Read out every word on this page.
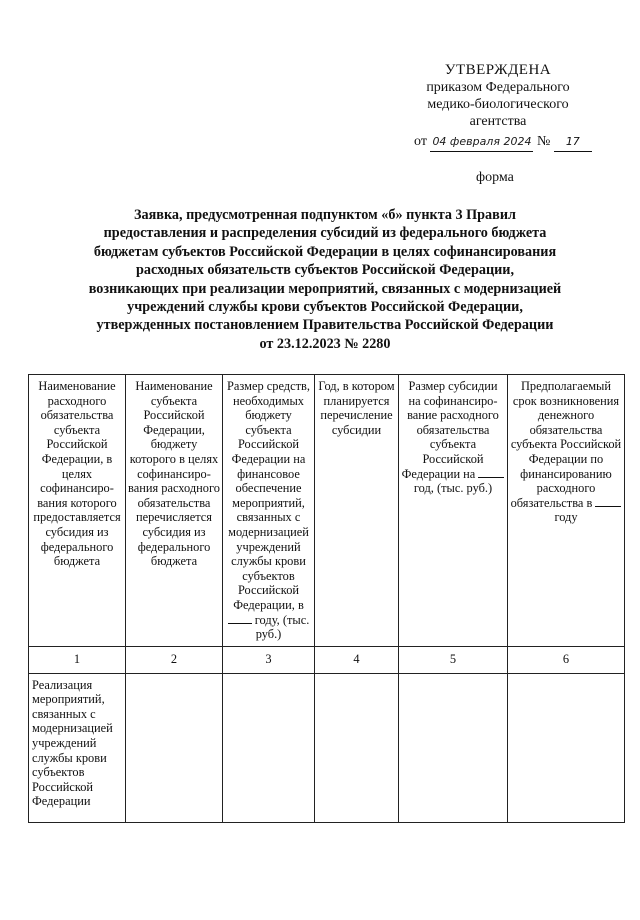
УТВЕРЖДЕНА
приказом Федерального
медико-биологического
агентства
от 04 февраля 2024 № 17
форма
Заявка, предусмотренная подпунктом «б» пункта 3 Правил
предоставления и распределения субсидий из федерального бюджета
бюджетам субъектов Российской Федерации в целях софинансирования
расходных обязательств субъектов Российской Федерации,
возникающих при реализации мероприятий, связанных с модернизацией
учреждений службы крови субъектов Российской Федерации,
утвержденных постановлением Правительства Российской Федерации
от 23.12.2023 № 2280
Наименование расходного обязательства субъекта Российской Федерации, в целях софинансиро-вания которого предоставляется субсидия из федерального бюджета	Наименование субъекта Российской Федерации, бюджету которого в целях софинансиро-вания расходного обязательства перечисляется субсидия из федерального бюджета	Размер средств, необходимых бюджету субъекта Российской Федерации на финансовое обеспечение мероприятий, связанных с модернизацией учреждений службы крови субъектов Российской Федерации, в  году, (тыс. руб.)	Год, в котором планируется перечисление субсидии	Размер субсидии на софинансиро-вание расходного обязательства субъекта Российской Федерации на  год, (тыс. руб.)	Предполагаемый срок возникновения денежного обязательства субъекта Российской Федерации по финансированию расходного обязательства в  году
1	2	3	4	5	6
Реализация мероприятий, связанных с модернизацией учреждений службы крови субъектов Российской Федерации					
